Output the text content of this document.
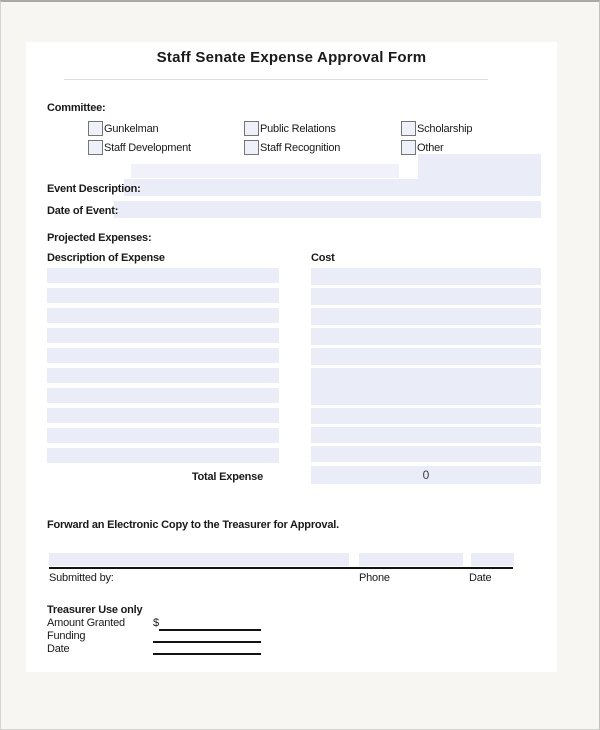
Staff Senate Expense Approval Form
Committee:
Gunkelman	Public Relations	Scholarship
Staff Development	Staff Recognition	Other
Event Description:
Date of Event:
Projected Expenses:
Description of Expense	Cost
Total Expense	0
Forward an Electronic Copy to the Treasurer for Approval.
Submitted by:	Phone	Date
Treasurer Use only
Amount Granted	$
Funding
Date
